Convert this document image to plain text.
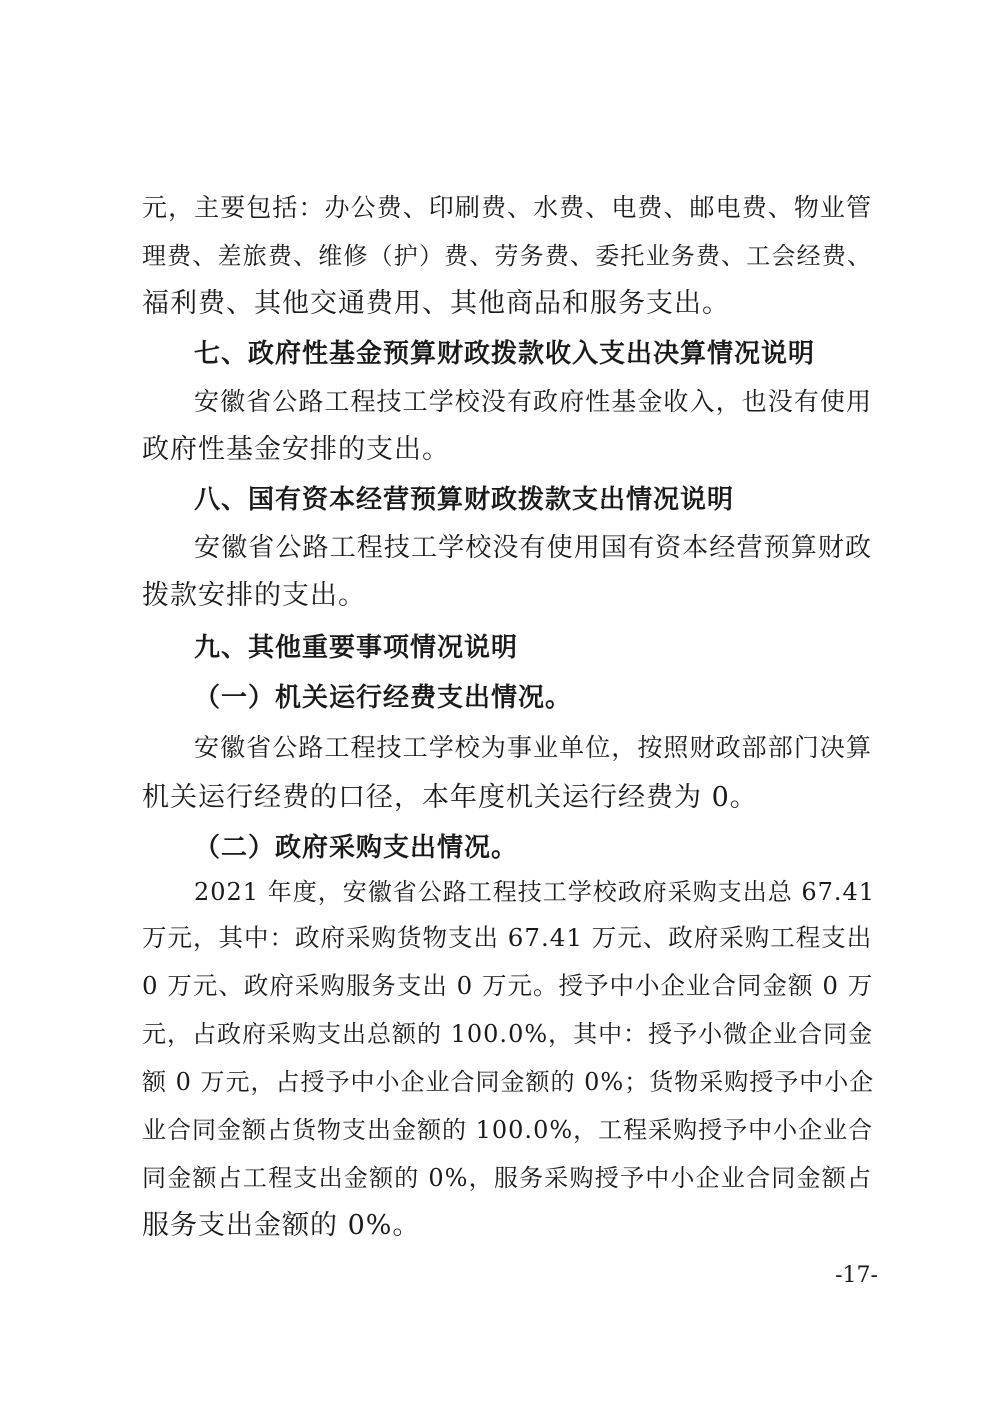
元，主要包括：办公费、印刷费、水费、电费、邮电费、物业管
理费、差旅费、维修（护）费、劳务费、委托业务费、工会经费、
福利费、其他交通费用、其他商品和服务支出。
七、政府性基金预算财政拨款收入支出决算情况说明
安徽省公路工程技工学校没有政府性基金收入，也没有使用
政府性基金安排的支出。
八、国有资本经营预算财政拨款支出情况说明
安徽省公路工程技工学校没有使用国有资本经营预算财政
拨款安排的支出。
九、其他重要事项情况说明
（一）机关运行经费支出情况。
安徽省公路工程技工学校为事业单位，按照财政部部门决算
机关运行经费的口径，本年度机关运行经费为 0。
（二）政府采购支出情况。
2021 年度，安徽省公路工程技工学校政府采购支出总 67.41
万元，其中：政府采购货物支出 67.41 万元、政府采购工程支出
0 万元、政府采购服务支出 0 万元。授予中小企业合同金额 0 万
元，占政府采购支出总额的 100.0%，其中：授予小微企业合同金
额 0 万元，占授予中小企业合同金额的 0%；货物采购授予中小企
业合同金额占货物支出金额的 100.0%，工程采购授予中小企业合
同金额占工程支出金额的 0%，服务采购授予中小企业合同金额占
服务支出金额的 0%。
-17-
